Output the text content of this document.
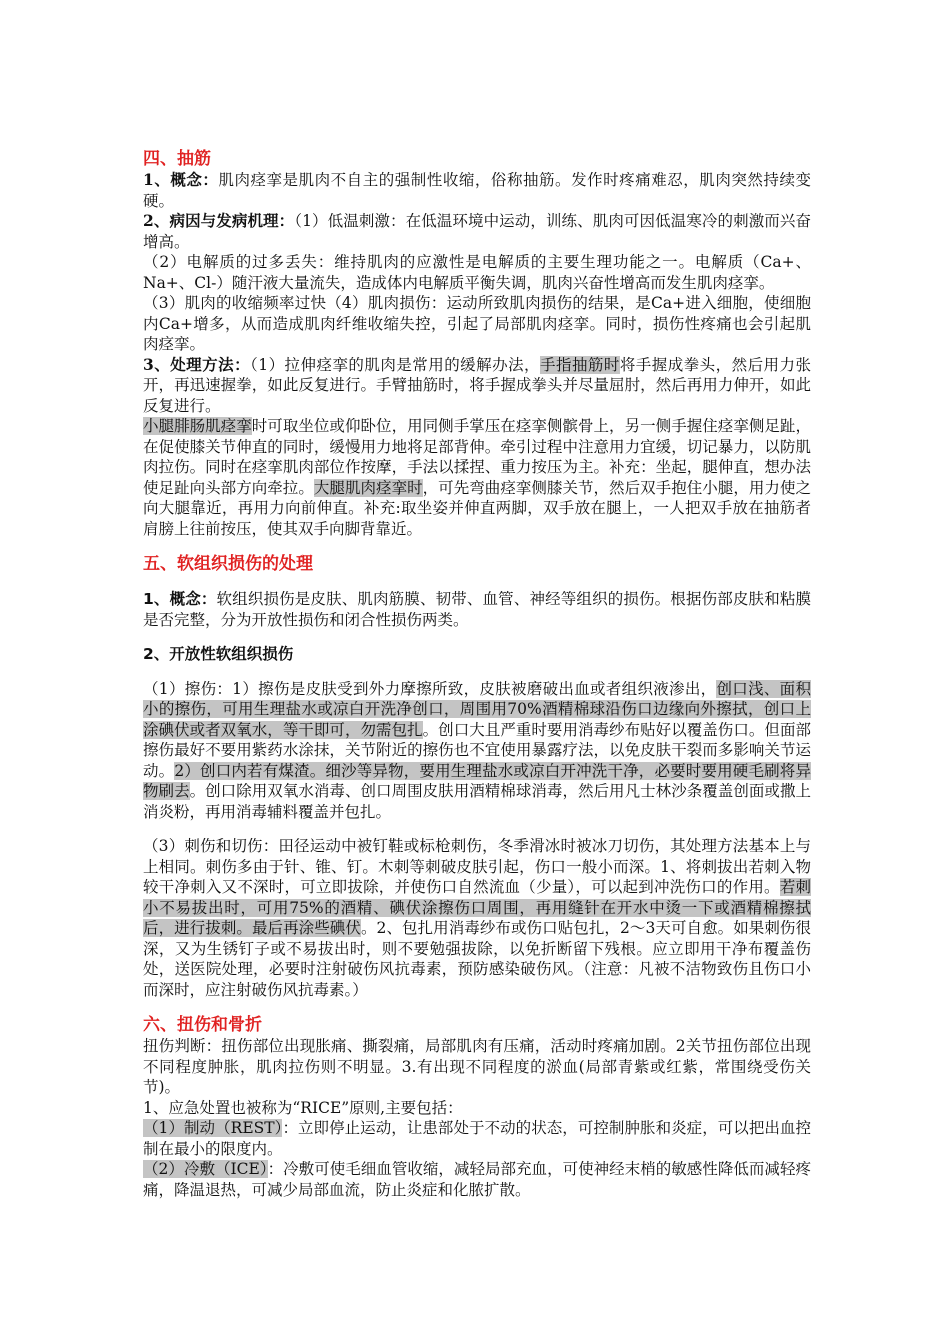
四、抽筋

1、概念：肌肉痉挛是肌肉不自主的强制性收缩，俗称抽筋。发作时疼痛难忍，肌肉突然持续变硬。

2、病因与发病机理：（1）低温刺激：在低温环境中运动，训练、肌肉可因低温寒冷的刺激而兴奋增高。

（2）电解质的过多丢失：维持肌肉的应激性是电解质的主要生理功能之一。电解质（Ca+、Na+、Cl-）随汗液大量流失，造成体内电解质平衡失调，肌肉兴奋性增高而发生肌肉痉挛。

（3）肌肉的收缩频率过快（4）肌肉损伤：运动所致肌肉损伤的结果，是Ca+进入细胞，使细胞内Ca+增多，从而造成肌肉纤维收缩失控，引起了局部肌肉痉挛。同时，损伤性疼痛也会引起肌肉痉挛。

3、处理方法：（1）拉伸痉挛的肌肉是常用的缓解办法，手指抽筋时将手握成拳头，然后用力张开，再迅速握拳，如此反复进行。手臂抽筋时，将手握成拳头并尽量屈肘，然后再用力伸开，如此反复进行。

小腿腓肠肌痉挛时可取坐位或仰卧位，用同侧手掌压在痉挛侧髌骨上，另一侧手握住痉挛侧足趾，在促使膝关节伸直的同时，缓慢用力地将足部背伸。牵引过程中注意用力宜缓，切记暴力，以防肌肉拉伤。同时在痉挛肌肉部位作按摩，手法以揉捏、重力按压为主。补充：坐起，腿伸直，想办法使足趾向头部方向牵拉。大腿肌肉痉挛时，可先弯曲痉挛侧膝关节，然后双手抱住小腿，用力使之向大腿靠近，再用力向前伸直。补充:取坐姿并伸直两脚，双手放在腿上，一人把双手放在抽筋者肩膀上往前按压，使其双手向脚背靠近。

五、软组织损伤的处理

1、概念：软组织损伤是皮肤、肌肉筋膜、韧带、血管、神经等组织的损伤。根据伤部皮肤和粘膜是否完整，分为开放性损伤和闭合性损伤两类。

2、开放性软组织损伤

（1）擦伤：1）擦伤是皮肤受到外力摩擦所致，皮肤被磨破出血或者组织液渗出，创口浅、面积小的擦伤，可用生理盐水或凉白开洗净创口，周围用70%酒精棉球沿伤口边缘向外擦拭，创口上涂碘伏或者双氧水，等干即可，勿需包扎。创口大且严重时要用消毒纱布贴好以覆盖伤口。但面部擦伤最好不要用紫药水涂抹，关节附近的擦伤也不宜使用暴露疗法，以免皮肤干裂而多影响关节运动。2）创口内若有煤渣。细沙等异物，要用生理盐水或凉白开冲洗干净，必要时要用硬毛刷将异物刷去。创口除用双氧水消毒、创口周围皮肤用酒精棉球消毒，然后用凡士林沙条覆盖创面或撒上消炎粉，再用消毒辅料覆盖并包扎。

（3）刺伤和切伤：田径运动中被钉鞋或标枪刺伤，冬季滑冰时被冰刀切伤，其处理方法基本上与上相同。刺伤多由于针、锥、钉。木刺等刺破皮肤引起，伤口一般小而深。1、将刺拔出若刺入物较干净刺入又不深时，可立即拔除，并使伤口自然流血（少量），可以起到冲洗伤口的作用。若刺小不易拔出时，可用75%的酒精、碘伏涂擦伤口周围，再用缝针在开水中烫一下或酒精棉擦拭后，进行拔刺。最后再涂些碘伏。2、包扎用消毒纱布或伤口贴包扎，2～3天可自愈。如果刺伤很深，又为生锈钉子或不易拔出时，则不要勉强拔除，以免折断留下残根。应立即用干净布覆盖伤处，送医院处理，必要时注射破伤风抗毒素，预防感染破伤风。（注意：凡被不洁物致伤且伤口小而深时，应注射破伤风抗毒素。）

六、扭伤和骨折

扭伤判断：扭伤部位出现胀痛、撕裂痛，局部肌肉有压痛，活动时疼痛加剧。2关节扭伤部位出现不同程度肿胀，肌肉拉伤则不明显。3.有出现不同程度的淤血(局部青紫或红紫，常围绕受伤关节)。

1、应急处置也被称为“RICE”原则,主要包括：

（1）制动（REST）：立即停止运动，让患部处于不动的状态，可控制肿胀和炎症，可以把出血控制在最小的限度内。

（2）冷敷（ICE）：冷敷可使毛细血管收缩，减轻局部充血，可使神经末梢的敏感性降低而减轻疼痛，降温退热，可减少局部血流，防止炎症和化脓扩散。
